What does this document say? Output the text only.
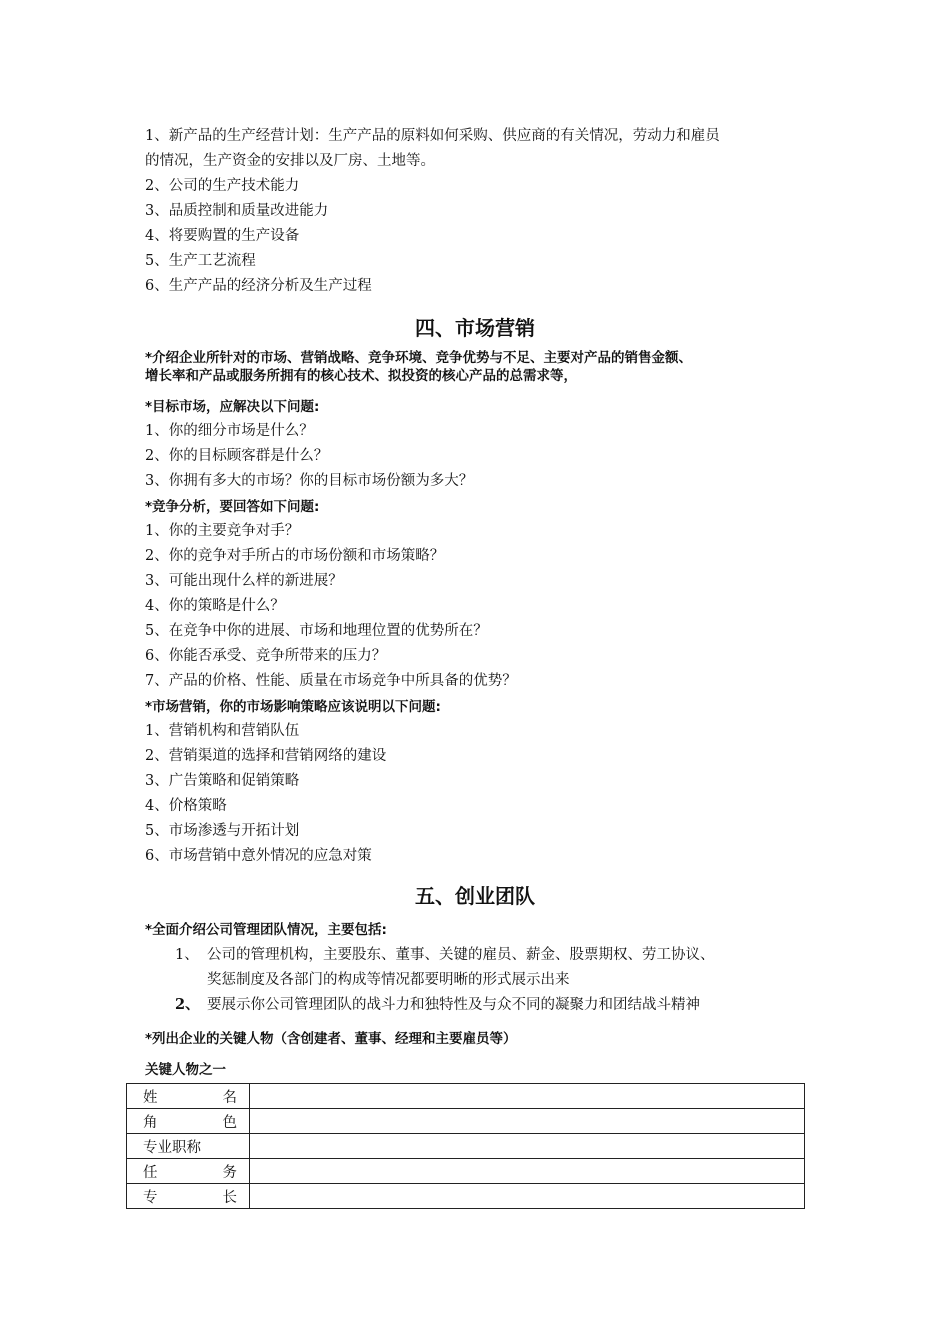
1、新产品的生产经营计划：生产产品的原料如何采购、供应商的有关情况，劳动力和雇员
的情况，生产资金的安排以及厂房、土地等。
2、公司的生产技术能力
3、品质控制和质量改进能力
4、将要购置的生产设备
5、生产工艺流程
6、生产产品的经济分析及生产过程
四、市场营销
*介绍企业所针对的市场、营销战略、竞争环境、竞争优势与不足、主要对产品的销售金额、
增长率和产品或服务所拥有的核心技术、拟投资的核心产品的总需求等，
*目标市场，应解决以下问题:
1、你的细分市场是什么？
2、你的目标顾客群是什么？
3、你拥有多大的市场？你的目标市场份额为多大？
*竞争分析，要回答如下问题:
1、你的主要竞争对手？
2、你的竞争对手所占的市场份额和市场策略？
3、可能出现什么样的新进展？
4、你的策略是什么？
5、在竞争中你的进展、市场和地理位置的优势所在？
6、你能否承受、竞争所带来的压力？
7、产品的价格、性能、质量在市场竞争中所具备的优势？
*市场营销，你的市场影响策略应该说明以下问题:
1、营销机构和营销队伍
2、营销渠道的选择和营销网络的建设
3、广告策略和促销策略
4、价格策略
5、市场渗透与开拓计划
6、市场营销中意外情况的应急对策
五、创业团队
*全面介绍公司管理团队情况，主要包括:
1、 公司的管理机构，主要股东、董事、关键的雇员、薪金、股票期权、劳工协议、
奖惩制度及各部门的构成等情况都要明晰的形式展示出来
2、 要展示你公司管理团队的战斗力和独特性及与众不同的凝聚力和团结战斗精神
*列出企业的关键人物（含创建者、董事、经理和主要雇员等）
关键人物之一
姓 名	

角 色	

专业职称	

任 务	

专 长	
